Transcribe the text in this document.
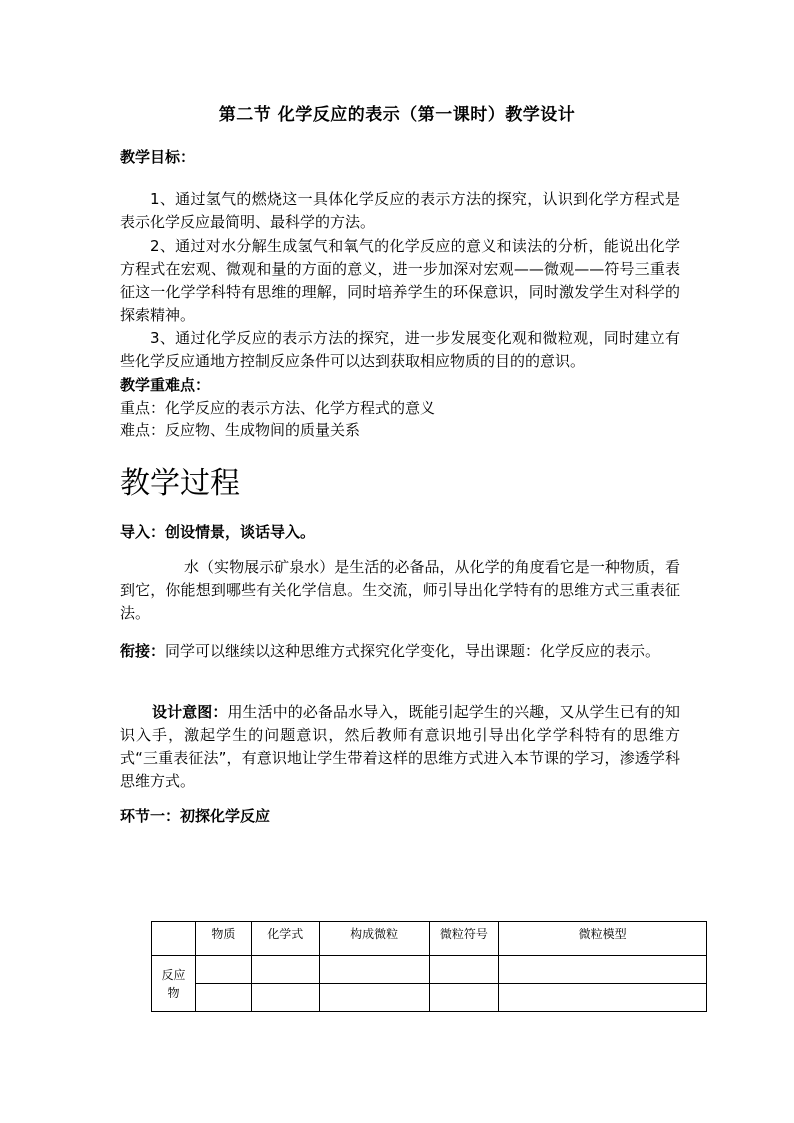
第二节 化学反应的表示（第一课时）教学设计
教学目标：
1、通过氢气的燃烧这一具体化学反应的表示方法的探究，认识到化学方程式是表示化学反应最简明、最科学的方法。
2、通过对水分解生成氢气和氧气的化学反应的意义和读法的分析，能说出化学方程式在宏观、微观和量的方面的意义，进一步加深对宏观——微观——符号三重表征这一化学学科特有思维的理解，同时培养学生的环保意识，同时激发学生对科学的探索精神。
3、通过化学反应的表示方法的探究，进一步发展变化观和微粒观，同时建立有些化学反应通地方控制反应条件可以达到获取相应物质的目的的意识。
教学重难点：
重点：化学反应的表示方法、化学方程式的意义
难点：反应物、生成物间的质量关系
教学过程
导入：创设情景，谈话导入。
水（实物展示矿泉水）是生活的必备品，从化学的角度看它是一种物质，看到它，你能想到哪些有关化学信息。生交流，师引导出化学特有的思维方式三重表征法。
衔接：同学可以继续以这种思维方式探究化学变化，导出课题：化学反应的表示。
设计意图：用生活中的必备品水导入，既能引起学生的兴趣，又从学生已有的知识入手，激起学生的问题意识，然后教师有意识地引导出化学学科特有的思维方式“三重表征法”，有意识地让学生带着这样的思维方式进入本节课的学习，渗透学科思维方式。
环节一：初探化学反应
	物质	化学式	构成微粒	微粒符号	微粒模型
反应
物					
